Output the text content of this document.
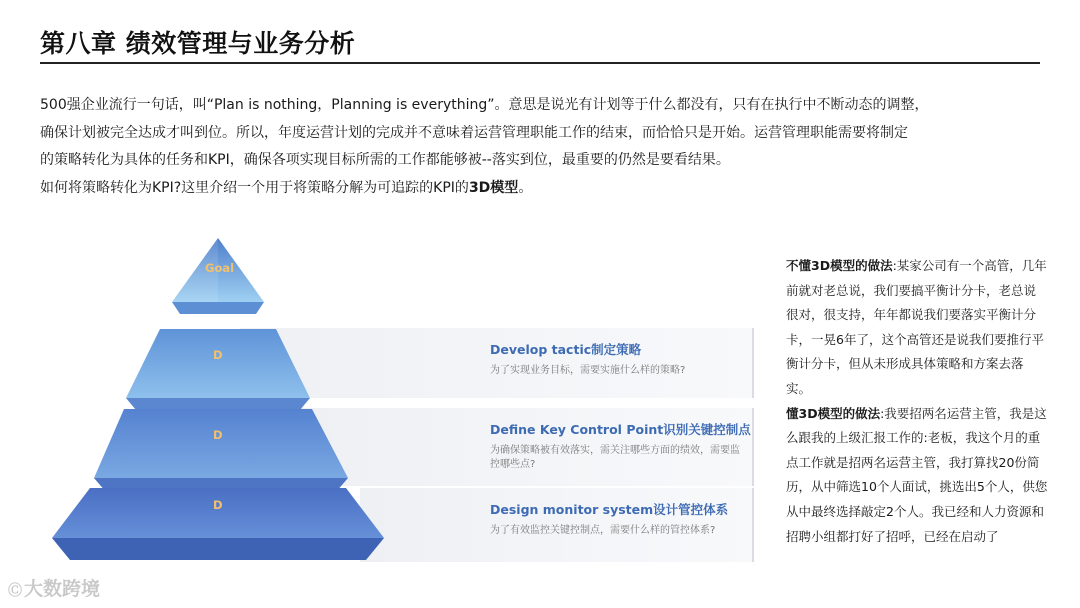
第八章 绩效管理与业务分析

500强企业流行一句话，叫“Plan is nothing，Planning is everything”。意思是说光有计划等于什么都没有，只有在执行中不断动态的调整，

确保计划被完全达成才叫到位。所以，年度运营计划的完成并不意味着运营管理职能工作的结束，而恰恰只是开始。运营管理职能需要将制定

的策略转化为具体的任务和KPI，确保各项实现目标所需的工作都能够被--落实到位，最重要的仍然是要看结果。

如何将策略转化为KPI?这里介绍一个用于将策略分解为可追踪的KPI的3D模型。

Goal
D
D
D
Develop tactic制定策略
为了实现业务目标，需要实施什么样的策略?
Define Key Control Point识别关键控制点
为确保策略被有效落实，需关注哪些方面的绩效，需要监控哪些点?
Design monitor system设计管控体系
为了有效监控关键控制点，需要什么样的管控体系?
不懂3D模型的做法:某家公司有一个高管，几年前就对老总说，我们要搞平衡计分卡，老总说很对，很支持，年年都说我们要落实平衡计分卡，一晃6年了，这个高管还是说我们要推行平衡计分卡，但从未形成具体策略和方案去落实。
懂3D模型的做法:我要招两名运营主管，我是这么跟我的上级汇报工作的:老板，我这个月的重点工作就是招两名运营主管，我打算找20份简历，从中筛选10个人面试，挑选出5个人，供您从中最终选择敲定2个人。我已经和人力资源和招聘小组都打好了招呼，已经在启动了
Ⓒ 大数跨境
